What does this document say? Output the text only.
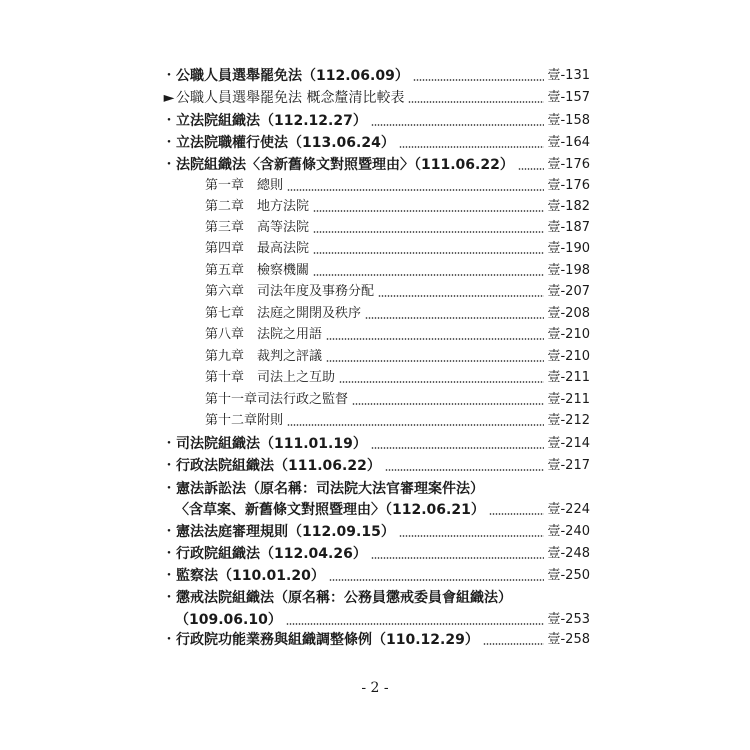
・ 公職人員選舉罷免法（112.06.09）	壹-131
► 公職人員選舉罷免法 概念釐清比較表	壹-157
・ 立法院組織法（112.12.27）	壹-158
・ 立法院職權行使法（113.06.24）	壹-164
・ 法院組織法〈含新舊條文對照暨理由〉（111.06.22）	壹-176
第一章 總則	壹-176
第二章 地方法院	壹-182
第三章 高等法院	壹-187
第四章 最高法院	壹-190
第五章 檢察機關	壹-198
第六章 司法年度及事務分配	壹-207
第七章 法庭之開閉及秩序	壹-208
第八章 法院之用語	壹-210
第九章 裁判之評議	壹-210
第十章 司法上之互助	壹-211
第十一章 司法行政之監督	壹-211
第十二章 附則	壹-212
・ 司法院組織法（111.01.19）	壹-214
・ 行政法院組織法（111.06.22）	壹-217
・ 憲法訴訟法（原名稱：司法院大法官審理案件法）
〈含草案、新舊條文對照暨理由〉（112.06.21）	壹-224
・ 憲法法庭審理規則（112.09.15）	壹-240
・ 行政院組織法（112.04.26）	壹-248
・ 監察法（110.01.20）	壹-250
・ 懲戒法院組織法（原名稱：公務員懲戒委員會組織法）
（109.06.10）	壹-253
・ 行政院功能業務與組織調整條例（110.12.29）	壹-258
- 2 -
